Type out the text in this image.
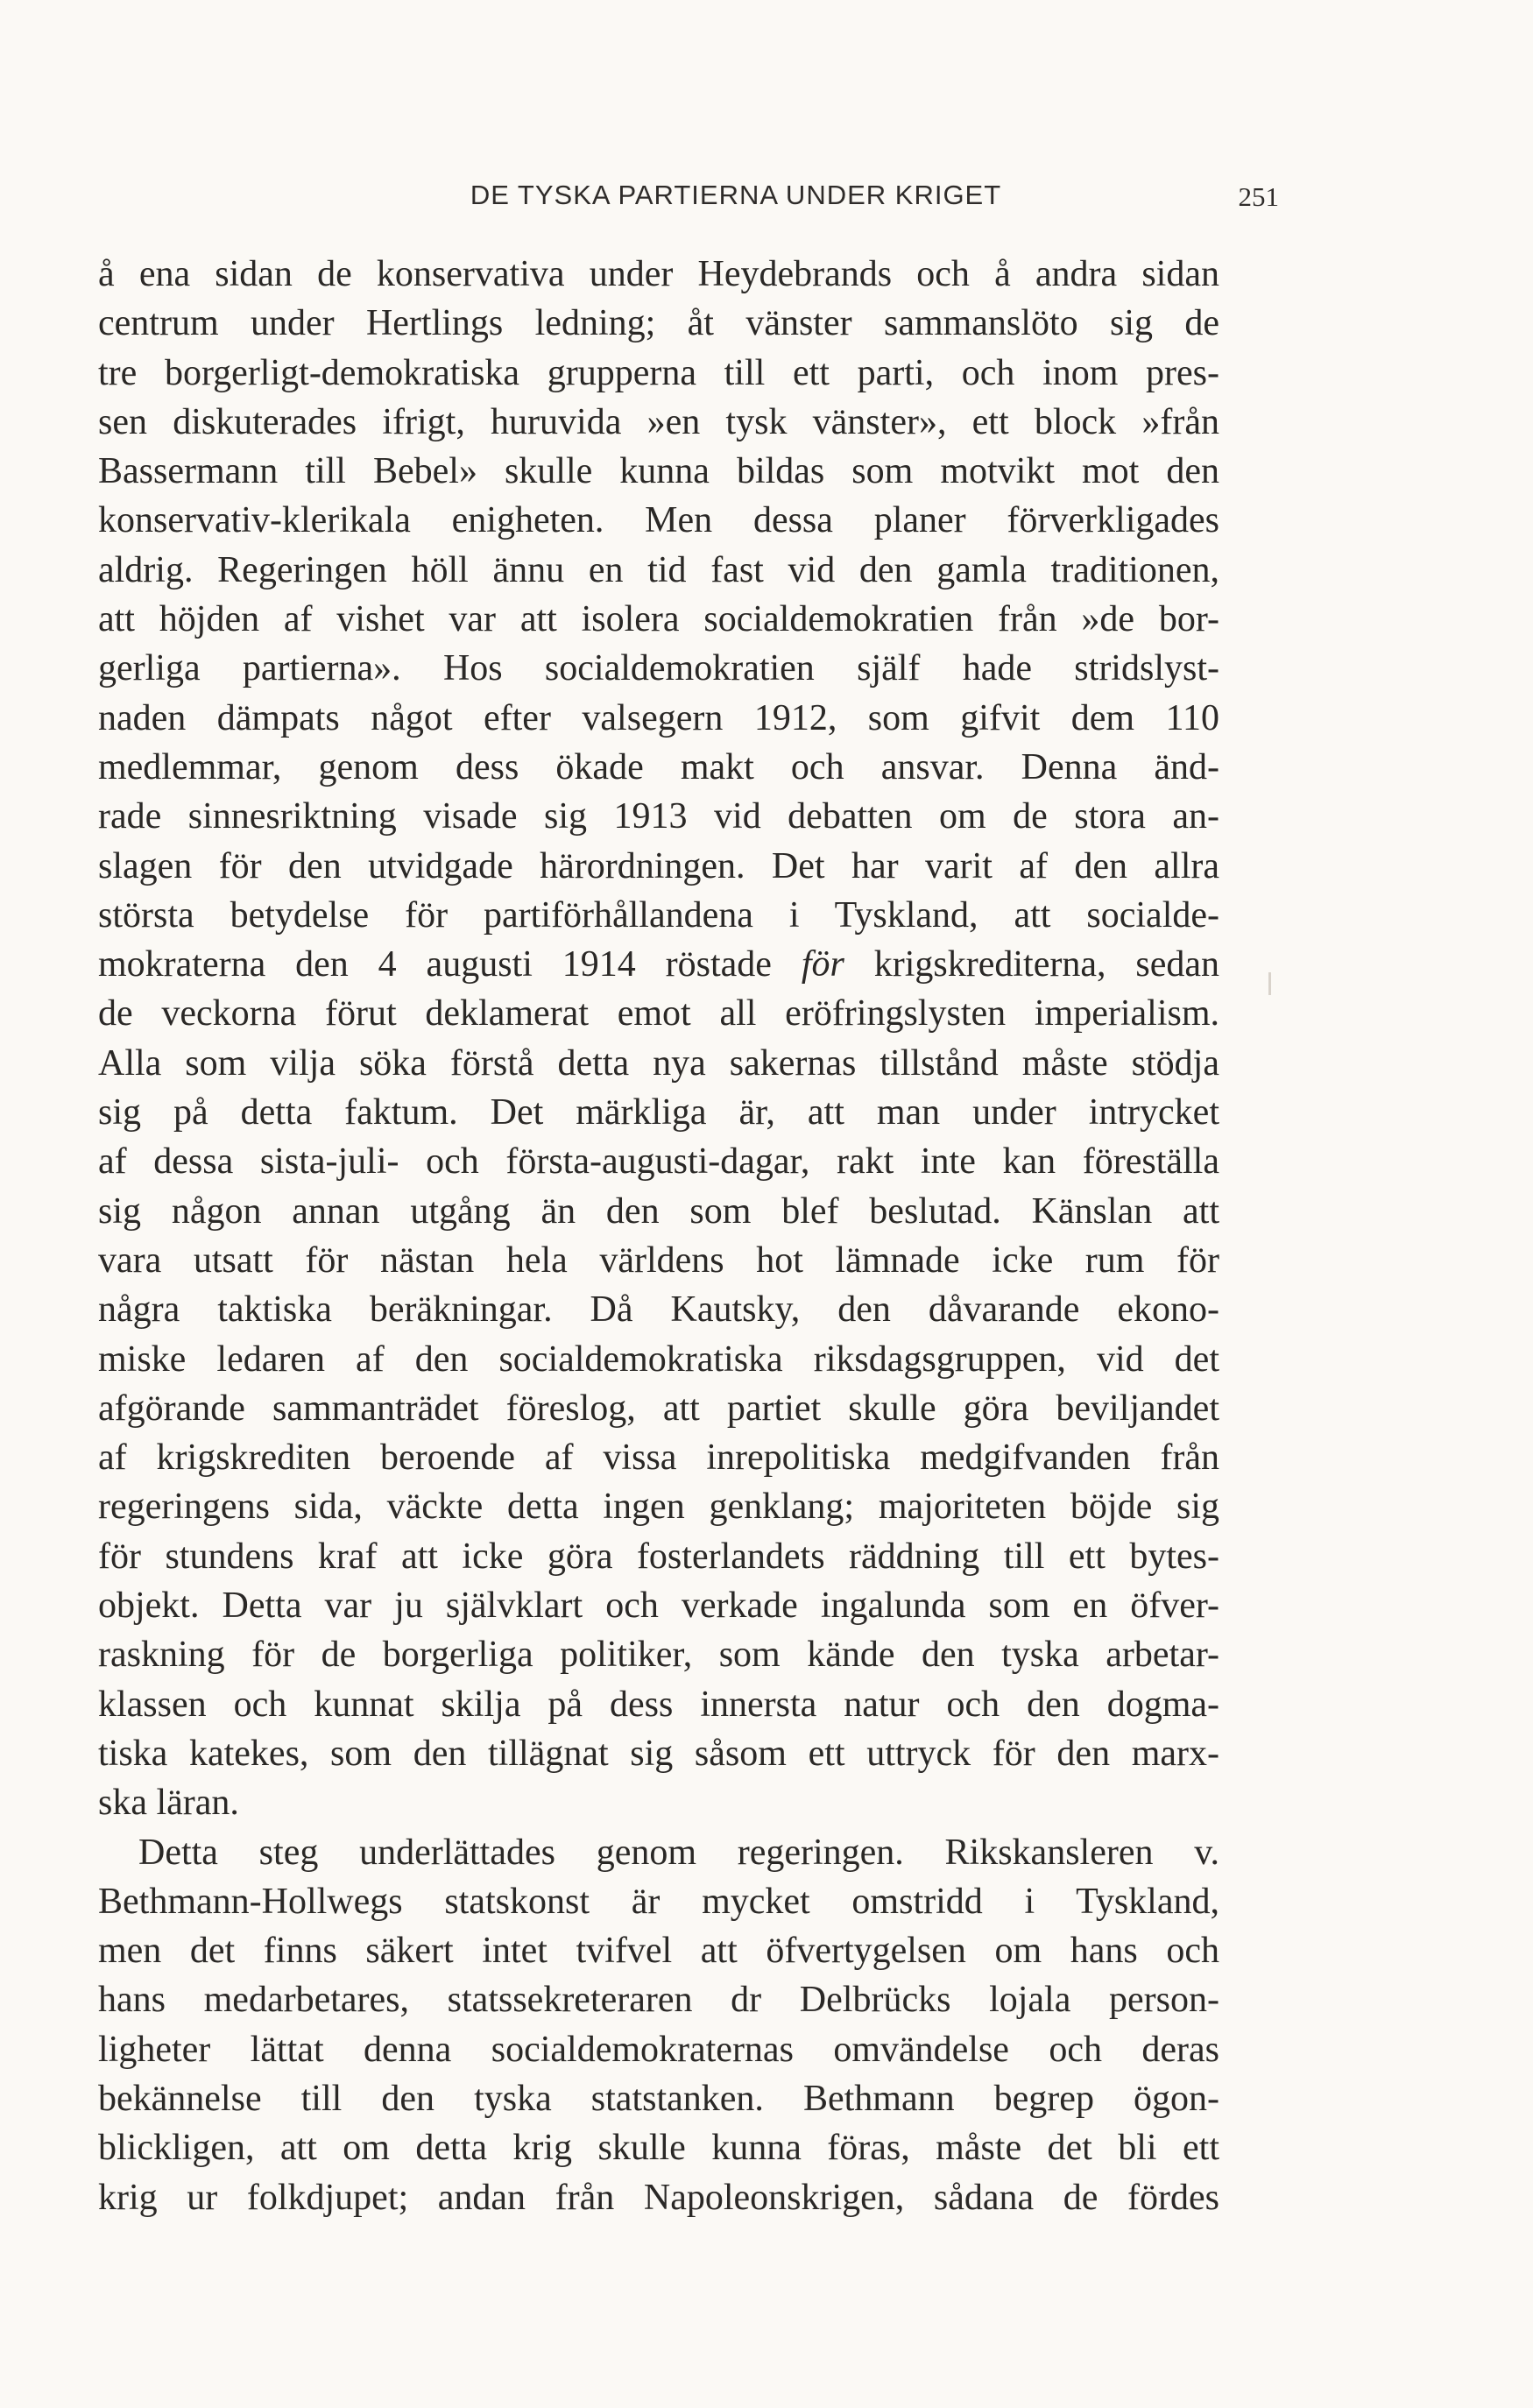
DE TYSKA PARTIERNA UNDER KRIGET	251
å ena sidan de konservativa under Heydebrands och å andra sidan
centrum under Hertlings ledning; åt vänster sammanslöto sig de
tre borgerligt-demokratiska grupperna till ett parti, och inom pres-
sen diskuterades ifrigt, huruvida »en tysk vänster», ett block »från
Bassermann till Bebel» skulle kunna bildas som motvikt mot den
konservativ-klerikala enigheten. Men dessa planer förverkligades
aldrig. Regeringen höll ännu en tid fast vid den gamla traditionen,
att höjden af vishet var att isolera socialdemokratien från »de bor-
gerliga partierna». Hos socialdemokratien själf hade stridslyst-
naden dämpats något efter valsegern 1912, som gifvit dem 110
medlemmar, genom dess ökade makt och ansvar. Denna änd-
rade sinnesriktning visade sig 1913 vid debatten om de stora an-
slagen för den utvidgade härordningen. Det har varit af den allra
största betydelse för partiförhållandena i Tyskland, att socialde-
mokraterna den 4 augusti 1914 röstade för krigskrediterna, sedan
de veckorna förut deklamerat emot all eröfringslysten imperialism.
Alla som vilja söka förstå detta nya sakernas tillstånd måste stödja
sig på detta faktum. Det märkliga är, att man under intrycket
af dessa sista-juli- och första-augusti-dagar, rakt inte kan föreställa
sig någon annan utgång än den som blef beslutad. Känslan att
vara utsatt för nästan hela världens hot lämnade icke rum för
några taktiska beräkningar. Då Kautsky, den dåvarande ekono-
miske ledaren af den socialdemokratiska riksdagsgruppen, vid det
afgörande sammanträdet föreslog, att partiet skulle göra beviljandet
af krigskrediten beroende af vissa inrepolitiska medgifvanden från
regeringens sida, väckte detta ingen genklang; majoriteten böjde sig
för stundens kraf att icke göra fosterlandets räddning till ett bytes-
objekt. Detta var ju självklart och verkade ingalunda som en öfver-
raskning för de borgerliga politiker, som kände den tyska arbetar-
klassen och kunnat skilja på dess innersta natur och den dogma-
tiska katekes, som den tillägnat sig såsom ett uttryck för den marx-
ska läran.
Detta steg underlättades genom regeringen. Rikskansleren v.
Bethmann-Hollwegs statskonst är mycket omstridd i Tyskland,
men det finns säkert intet tvifvel att öfvertygelsen om hans och
hans medarbetares, statssekreteraren dr Delbrücks lojala person-
ligheter lättat denna socialdemokraternas omvändelse och deras
bekännelse till den tyska statstanken. Bethmann begrep ögon-
blickligen, att om detta krig skulle kunna föras, måste det bli ett
krig ur folkdjupet; andan från Napoleonskrigen, sådana de fördes
